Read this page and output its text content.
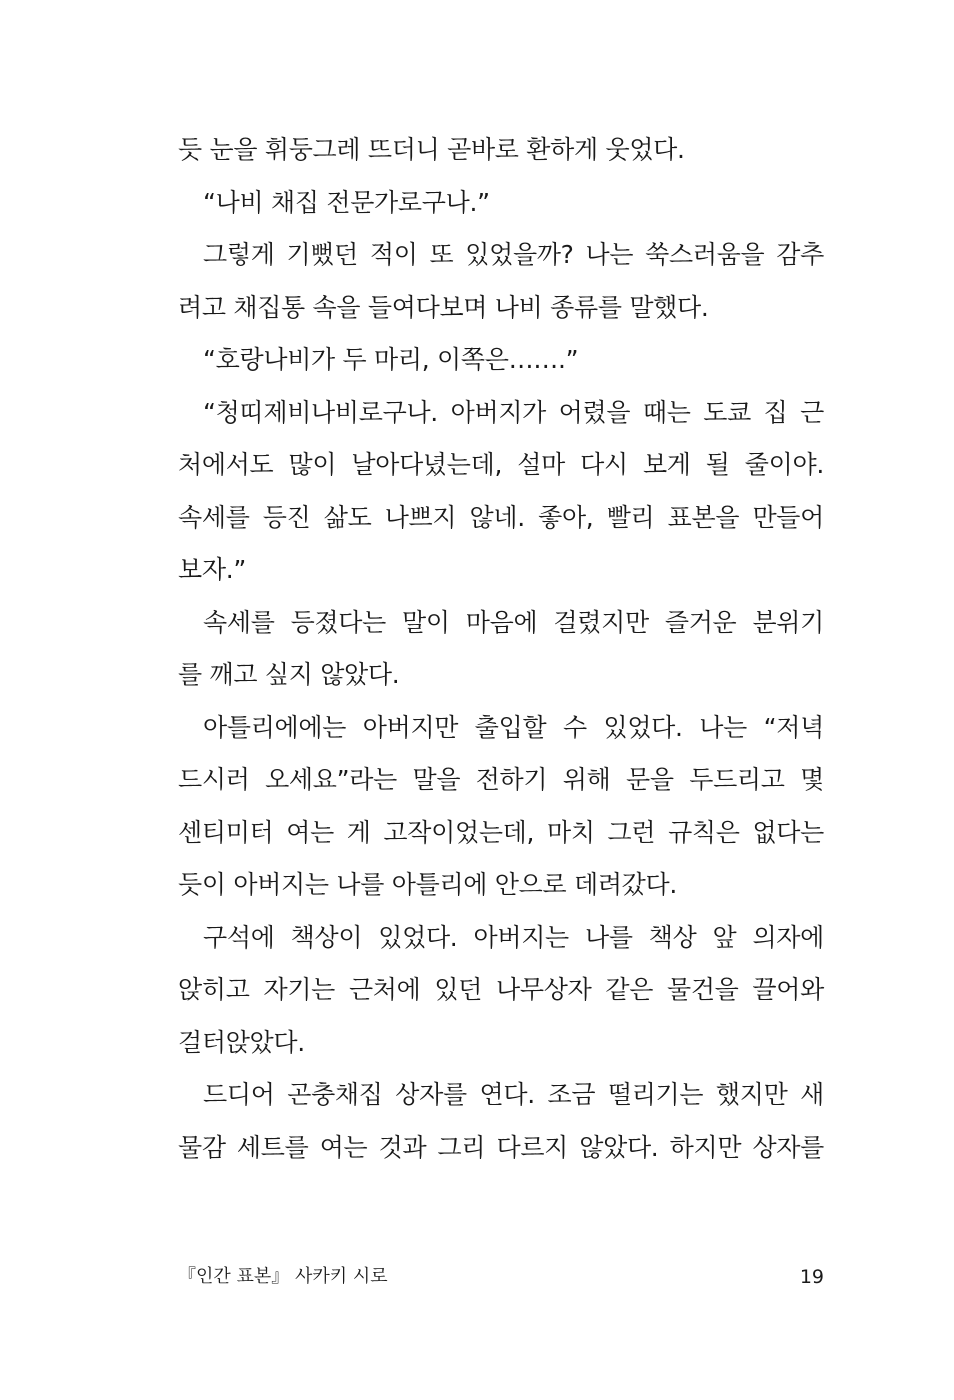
듯 눈을 휘둥그레 뜨더니 곧바로 환하게 웃었다.
“나비 채집 전문가로구나.”
그렇게 기뻤던 적이 또 있었을까? 나는 쑥스러움을 감추
려고 채집통 속을 들여다보며 나비 종류를 말했다.
“호랑나비가 두 마리, 이쪽은…….”
“청띠제비나비로구나. 아버지가 어렸을 때는 도쿄 집 근
처에서도 많이 날아다녔는데, 설마 다시 보게 될 줄이야.
속세를 등진 삶도 나쁘지 않네. 좋아, 빨리 표본을 만들어
보자.”
속세를 등졌다는 말이 마음에 걸렸지만 즐거운 분위기
를 깨고 싶지 않았다.
아틀리에에는 아버지만 출입할 수 있었다. 나는 “저녁
드시러 오세요”라는 말을 전하기 위해 문을 두드리고 몇
센티미터 여는 게 고작이었는데, 마치 그런 규칙은 없다는
듯이 아버지는 나를 아틀리에 안으로 데려갔다.
구석에 책상이 있었다. 아버지는 나를 책상 앞 의자에
앉히고 자기는 근처에 있던 나무상자 같은 물건을 끌어와
걸터앉았다.
드디어 곤충채집 상자를 연다. 조금 떨리기는 했지만 새
물감 세트를 여는 것과 그리 다르지 않았다. 하지만 상자를
『인간 표본』 사카키 시로	19
